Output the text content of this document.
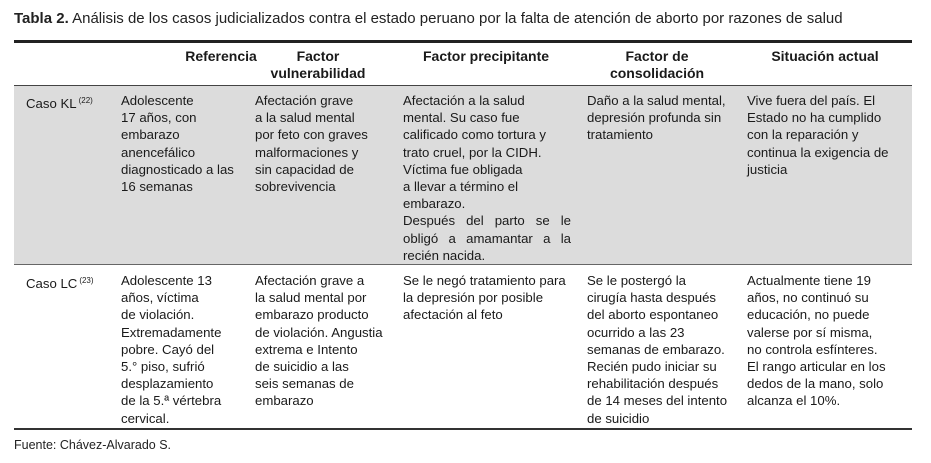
Tabla 2. Análisis de los casos judicializados contra el estado peruano por la falta de atención de aborto por razones de salud
Referencia	Factor
vulnerabilidad
Factor precipitante	Factor de
consolidación
Situación actual
Caso KL $^{(22)}$ Adolescente
17 años, con
embarazo
anencefálico
diagnosticado a las
16 semanas
Afectación grave
a la salud mental
por feto con graves
malformaciones y
sin capacidad de
sobrevivencia
Afectación a la salud
mental. Su caso fue
calificado como tortura y
trato cruel, por la CIDH.
Víctima fue obligada
a llevar a término el
embarazo.
Después del parto se le
obligó a amamantar a la
recién nacida.
Daño a la salud mental,
depresión profunda sin
tratamiento
Vive fuera del país. El
Estado no ha cumplido
con la reparación y
continua la exigencia de
justicia
Caso LC $^{(23)}$ Adolescente 13
años, víctima
de violación.
Extremadamente
pobre. Cayó del
5.° piso, sufrió
desplazamiento
de la 5.ª vértebra
cervical.
Afectación grave a
la salud mental por
embarazo producto
de violación. Angustia
extrema e Intento
de suicidio a las
seis semanas de
embarazo
Se le negó tratamiento para
la depresión por posible
afectación al feto
Se le postergó la
cirugía hasta después
del aborto espontaneo
ocurrido a las 23
semanas de embarazo.
Recién pudo iniciar su
rehabilitación después
de 14 meses del intento
de suicidio
Actualmente tiene 19
años, no continuó su
educación, no puede
valerse por sí misma,
no controla esfínteres.
El rango articular en los
dedos de la mano, solo
alcanza el 10%.
Fuente: Chávez-Alvarado S.
